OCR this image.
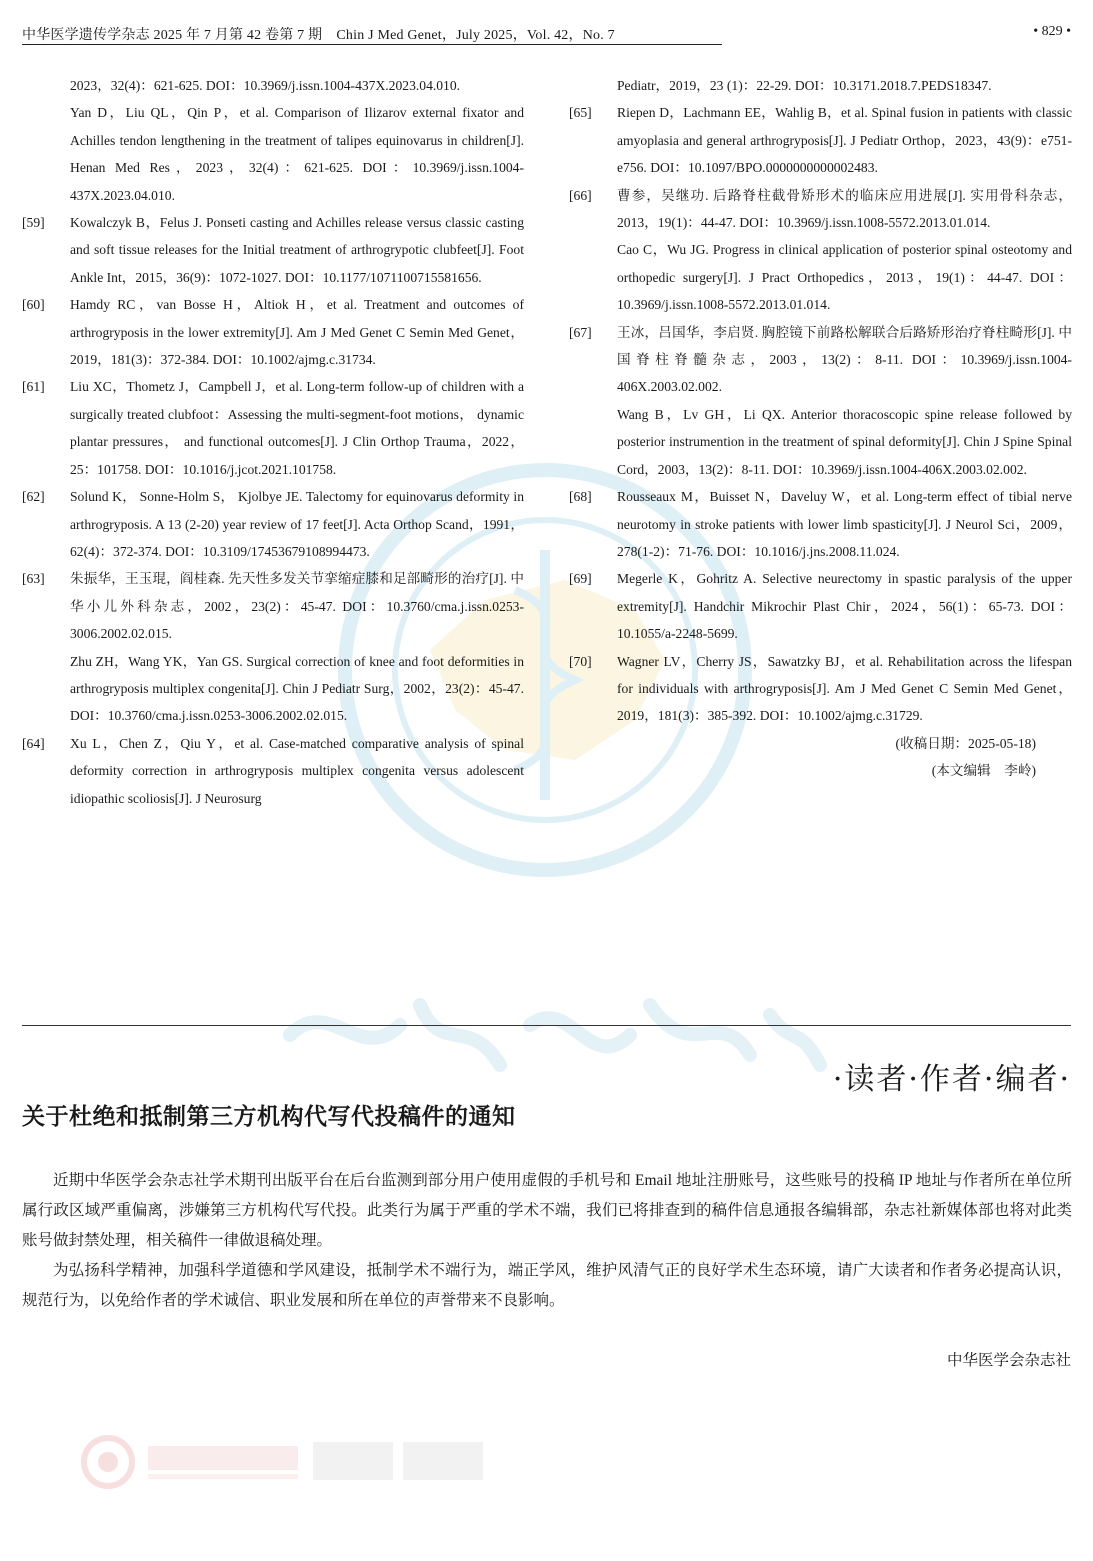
中华医学遗传学杂志 2025 年 7 月第 42 卷第 7 期　Chin J Med Genet，July 2025，Vol. 42，No. 7	• 829 •
2023，32(4)：621-625. DOI：10.3969/j.issn.1004-437X.2023.04.010.
Yan D，Liu QL，Qin P，et al. Comparison of Ilizarov external fixator and Achilles tendon lengthening in the treatment of talipes equinovarus in children[J]. Henan Med Res，2023，32(4)：621-625. DOI：10.3969/j.issn.1004-437X.2023.04.010.
[59] Kowalczyk B，Felus J. Ponseti casting and Achilles release versus classic casting and soft tissue releases for the Initial treatment of arthrogrypotic clubfeet[J]. Foot Ankle Int，2015，36(9)：1072-1027. DOI：10.1177/1071100715581656.
[60] Hamdy RC，van Bosse H，Altiok H，et al. Treatment and outcomes of arthrogryposis in the lower extremity[J]. Am J Med Genet C Semin Med Genet，2019，181(3)：372-384. DOI：10.1002/ajmg.c.31734.
[61] Liu XC，Thometz J，Campbell J，et al. Long-term follow-up of children with a surgically treated clubfoot：Assessing the multi-segment-foot motions， dynamic plantar pressures， and functional outcomes[J]. J Clin Orthop Trauma，2022，25：101758. DOI：10.1016/j.jcot.2021.101758.
[62] Solund K， Sonne-Holm S， Kjolbye JE. Talectomy for equinovarus deformity in arthrogryposis. A 13 (2-20) year review of 17 feet[J]. Acta Orthop Scand，1991，62(4)：372-374. DOI：10.3109/17453679108994473.
[63] 朱振华，王玉琨，阎桂森. 先天性多发关节挛缩症膝和足部畸形的治疗[J]. 中华小儿外科杂志，2002，23(2)：45-47. DOI：10.3760/cma.j.issn.0253-3006.2002.02.015.
Zhu ZH，Wang YK，Yan GS. Surgical correction of knee and foot deformities in arthrogryposis multiplex congenita[J]. Chin J Pediatr Surg，2002，23(2)：45-47. DOI：10.3760/cma.j.issn.0253-3006.2002.02.015.
[64] Xu L，Chen Z，Qiu Y，et al. Case-matched comparative analysis of spinal deformity correction in arthrogryposis multiplex congenita versus adolescent idiopathic scoliosis[J]. J Neurosurg
Pediatr，2019，23 (1)：22-29. DOI：10.3171.2018.7.PEDS18347.
[65] Riepen D，Lachmann EE，Wahlig B，et al. Spinal fusion in patients with classic amyoplasia and general arthrogryposis[J]. J Pediatr Orthop，2023，43(9)：e751-e756. DOI：10.1097/BPO.0000000000002483.
[66] 曹参，吴继功. 后路脊柱截骨矫形术的临床应用进展[J]. 实用骨科杂志，2013，19(1)：44-47. DOI：10.3969/j.issn.1008-5572.2013.01.014.
Cao C，Wu JG. Progress in clinical application of posterior spinal osteotomy and orthopedic surgery[J]. J Pract Orthopedics，2013，19(1)：44-47. DOI：10.3969/j.issn.1008-5572.2013.01.014.
[67] 王冰，吕国华，李启贤. 胸腔镜下前路松解联合后路矫形治疗脊柱畸形[J]. 中国脊柱脊髓杂志，2003，13(2)：8-11. DOI：10.3969/j.issn.1004-406X.2003.02.002.
Wang B，Lv GH，Li QX. Anterior thoracoscopic spine release followed by posterior instrumention in the treatment of spinal deformity[J]. Chin J Spine Spinal Cord，2003，13(2)：8-11. DOI：10.3969/j.issn.1004-406X.2003.02.002.
[68] Rousseaux M，Buisset N，Daveluy W，et al. Long-term effect of tibial nerve neurotomy in stroke patients with lower limb spasticity[J]. J Neurol Sci，2009，278(1-2)：71-76. DOI：10.1016/j.jns.2008.11.024.
[69] Megerle K，Gohritz A. Selective neurectomy in spastic paralysis of the upper extremity[J]. Handchir Mikrochir Plast Chir，2024，56(1)：65-73. DOI：10.1055/a-2248-5699.
[70] Wagner LV，Cherry JS，Sawatzky BJ，et al. Rehabilitation across the lifespan for individuals with arthrogryposis[J]. Am J Med Genet C Semin Med Genet，2019，181(3)：385-392. DOI：10.1002/ajmg.c.31729.
(收稿日期：2025-05-18)
(本文编辑　李岭)
·读者·作者·编者·
关于杜绝和抵制第三方机构代写代投稿件的通知

近期中华医学会杂志社学术期刊出版平台在后台监测到部分用户使用虚假的手机号和 Email 地址注册账号，这些账号的投稿 IP 地址与作者所在单位所属行政区域严重偏离，涉嫌第三方机构代写代投。此类行为属于严重的学术不端，我们已将排查到的稿件信息通报各编辑部，杂志社新媒体部也将对此类账号做封禁处理，相关稿件一律做退稿处理。

为弘扬科学精神，加强科学道德和学风建设，抵制学术不端行为，端正学风，维护风清气正的良好学术生态环境，请广大读者和作者务必提高认识，规范行为，以免给作者的学术诚信、职业发展和所在单位的声誉带来不良影响。

中华医学会杂志社
